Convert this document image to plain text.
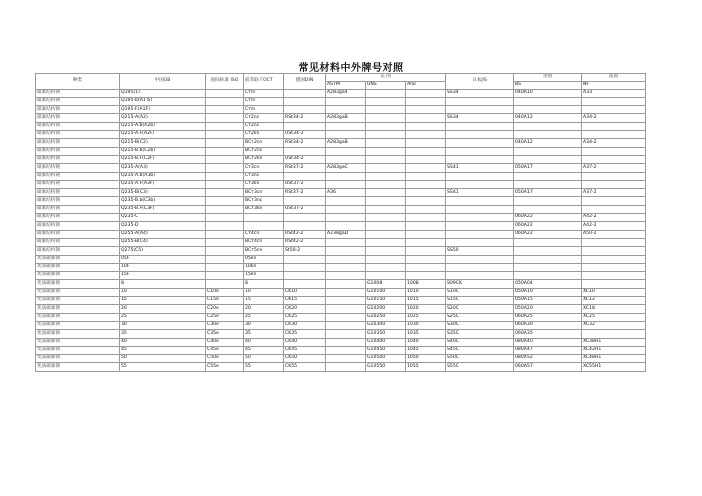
常见材料中外牌号对照
种类	中国GB	国际标准 ISO	前苏联 ГОСТ	德国DIN	美 国			日本JIS	英国	法国
					ASTM	UNS	AISI		BS	NF
碳素结构钢	Q195(1)		Cт/n		A283ga4			SS34	040A10	A33
碳素结构钢	Q195-b(A1 b)		Cт/n							
碳素结构钢	Q195-F(A1F)		Cт/n							
碳素结构钢	Q215-A(A2)		Cт2nc	RSt34-2	A283gaB			SS34	040A12	A34-2
碳素结构钢	Q215-A.b(A2b)		Cт2nc							
碳素结构钢	Q215-A.F(A2F)		Cт2kn	USt34-2						
碳素结构钢	Q215-B(C2)		BCт2cn	RSt34-2	A283gaB				040A12	A34-2
碳素结构钢	Q215-B.b(C2b)		BCт2nc							
碳素结构钢	Q215-B.F(C2F)		BCт2kn	USt34-2						
碳素结构钢	Q235-A(A3)		Cт3cn	RSt37-2	A283gaC			SS41	050A17	A37-2
碳素结构钢	Q235-A.b(A3b)		Cт3nc							
碳素结构钢	Q235-A.F(A3F)		Cт3kn	USt37-2						
碳素结构钢	Q235-B(C3)		BCт3cn	RSt37-2	A36			SS41	050A17	A37-2
碳素结构钢	Q235-B.b(C3b)		BCт3nc							
碳素结构钢	Q235-B.F(C3F)		BCт3kn	USt37-2						
碳素结构钢	Q235-C								060A22	A42-2
碳素结构钢	Q235-D								060A22	A42-2
碳素结构钢	Q255-A(A4)		Cт4cn	RSt42-2	A238gaD				060A22	A50-2
碳素结构钢	Q255-B(C4)		BCт4cn	RSt42-2						
碳素结构钢	Q275(C5)		BCт5cn	St50-2				SS50		
优质碳素钢	05F		05kn							
优质碳素钢	10F		10kn							
优质碳素钢	15F		15kn							
优质碳素钢	8		8			G1008	1008	S09CK	050A04	
优质碳素钢	10	C10e	10	CK10		G10100	1010	S10C	050A10	XC10
优质碳素钢	15	C15e	15	CK15		G10150	1015	S15C	050A15	XC12
优质碳素钢	20	C20e	20	CK20		G10200	1020	S20C	050A20	XC18
优质碳素钢	25	C25e	25	CK25		G10250	1025	S25C	060A25	XC25
优质碳素钢	30	C30e	30	CK30		G10300	1030	S30C	060A30	XC32
优质碳素钢	35	C35e	35	CK35		G10350	1035	S35C	060A35	
优质碳素钢	40	C40e	40	CK40		G10400	1040	S40C	080A40	XC38H1
优质碳素钢	45	C45e	45	CK45		G10450	1045	S45C	080A47	XC42H1
优质碳素钢	50	C50e	50	CK50		G10500	1050	S50C	080A52	XC48H1
优质碳素钢	55	C55e	55	CK55		G10550	1055	S55C	060A57	XC55H1
